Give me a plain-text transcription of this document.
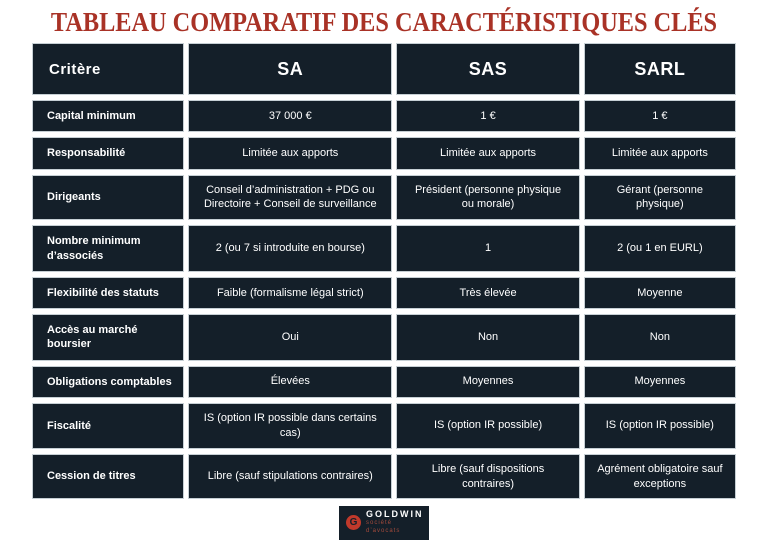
TABLEAU COMPARATIF DES CARACTÉRISTIQUES CLÉS
Critère	SA	SAS	SARL
Capital minimum	37 000 €	1 €	1 €
Responsabilité	Limitée aux apports	Limitée aux apports	Limitée aux apports
Dirigeants	Conseil d’administration + PDG ou Directoire + Conseil de surveillance	Président (personne physique ou morale)	Gérant (personne physique)
Nombre minimum d’associés	2 (ou 7 si introduite en bourse)	1	2 (ou 1 en EURL)
Flexibilité des statuts	Faible (formalisme légal strict)	Très élevée	Moyenne
Accès au marché boursier	Oui	Non	Non
Obligations comptables	Élevées	Moyennes	Moyennes
Fiscalité	IS (option IR possible dans certains cas)	IS (option IR possible)	IS (option IR possible)
Cession de titres	Libre (sauf stipulations contraires)	Libre (sauf dispositions contraires)	Agrément obligatoire sauf exceptions
G
GOLDWIN
société d’avocats
